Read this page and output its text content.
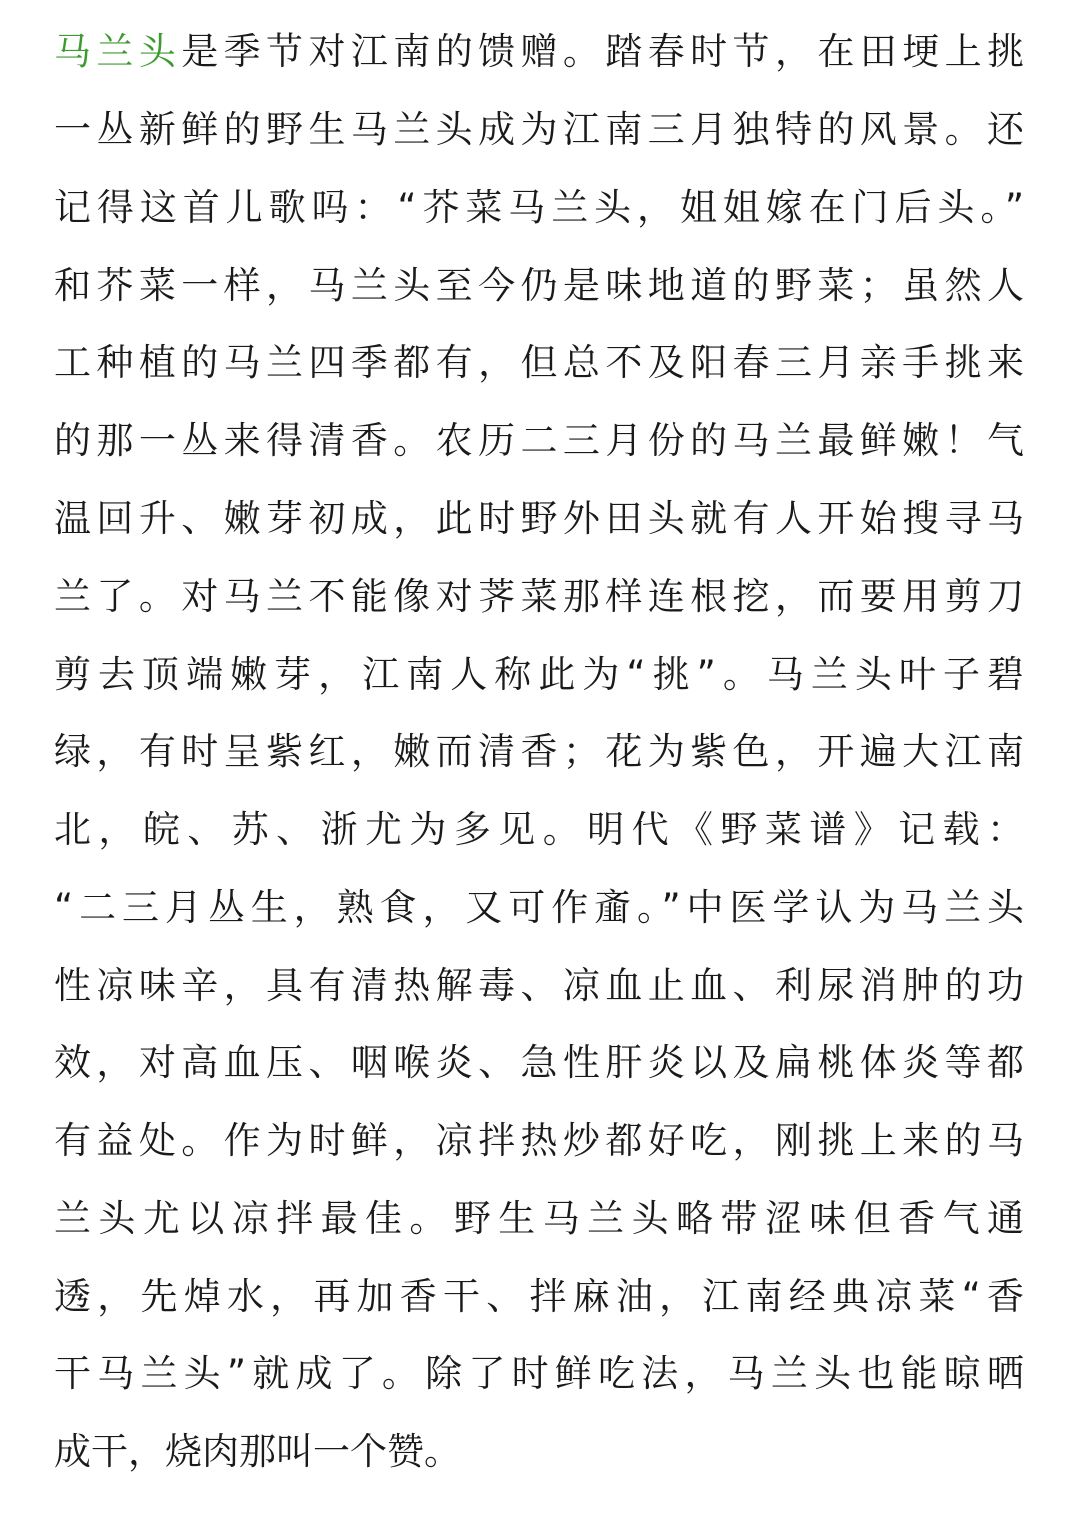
马兰头是季节对江南的馈赠。踏春时节，在田埂上挑
一丛新鲜的野生马兰头成为江南三月独特的风景。还
记得这首儿歌吗：“芥菜马兰头，姐姐嫁在门后头。”
和芥菜一样，马兰头至今仍是味地道的野菜；虽然人
工种植的马兰四季都有，但总不及阳春三月亲手挑来
的那一丛来得清香。农历二三月份的马兰最鲜嫩！气
温回升、嫩芽初成，此时野外田头就有人开始搜寻马
兰了。对马兰不能像对荠菜那样连根挖，而要用剪刀
剪去顶端嫩芽，江南人称此为“挑”。马兰头叶子碧
绿，有时呈紫红，嫩而清香；花为紫色，开遍大江南
北，皖、苏、浙尤为多见。明代《野菜谱》记载：
“二三月丛生，熟食，又可作齑。”中医学认为马兰头
性凉味辛，具有清热解毒、凉血止血、利尿消肿的功
效，对高血压、咽喉炎、急性肝炎以及扁桃体炎等都
有益处。作为时鲜，凉拌热炒都好吃，刚挑上来的马
兰头尤以凉拌最佳。野生马兰头略带涩味但香气通
透，先焯水，再加香干、拌麻油，江南经典凉菜“香
干马兰头”就成了。除了时鲜吃法，马兰头也能晾晒
成干，烧肉那叫一个赞。
